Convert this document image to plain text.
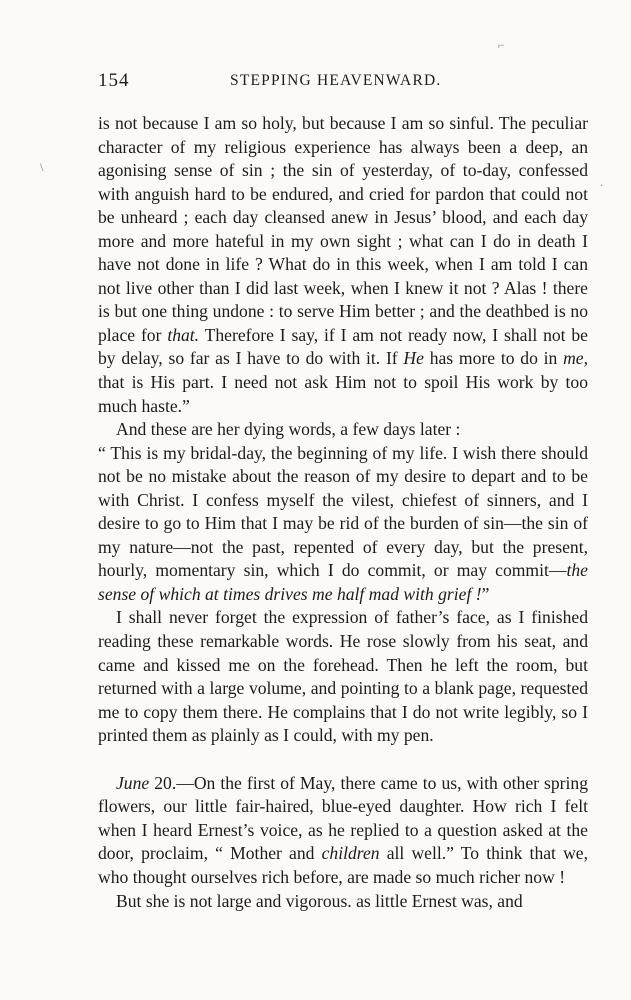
⌐
\
.
154	STEPPING HEAVENWARD.

is not because I am so holy, but because I am so sinful. The peculiar character of my religious experience has always been a deep, an agonising sense of sin ; the sin of yesterday, of to-day, confessed with anguish hard to be endured, and cried for pardon that could not be unheard ; each day cleansed anew in Jesus’ blood, and each day more and more hateful in my own sight ; what can I do in death I have not done in life ? What do in this week, when I am told I can not live other than I did last week, when I knew it not ? Alas ! there is but one thing undone : to serve Him better ; and the deathbed is no place for that. Therefore I say, if I am not ready now, I shall not be by delay, so far as I have to do with it. If He has more to do in me, that is His part. I need not ask Him not to spoil His work by too much haste.”

And these are her dying words, a few days later :

“ This is my bridal-day, the beginning of my life. I wish there should not be no mistake about the reason of my desire to depart and to be with Christ. I confess myself the vilest, chiefest of sinners, and I desire to go to Him that I may be rid of the burden of sin—the sin of my nature—not the past, repented of every day, but the present, hourly, momentary sin, which I do commit, or may commit—the sense of which at times drives me half mad with grief !”

I shall never forget the expression of father’s face, as I finished reading these remarkable words. He rose slowly from his seat, and came and kissed me on the forehead. Then he left the room, but returned with a large volume, and pointing to a blank page, requested me to copy them there. He complains that I do not write legibly, so I printed them as plainly as I could, with my pen.

June 20.—On the first of May, there came to us, with other spring flowers, our little fair-haired, blue-eyed daughter. How rich I felt when I heard Ernest’s voice, as he replied to a question asked at the door, proclaim, “ Mother and children all well.” To think that we, who thought ourselves rich before, are made so much richer now !

But she is not large and vigorous. as little Ernest was, and
